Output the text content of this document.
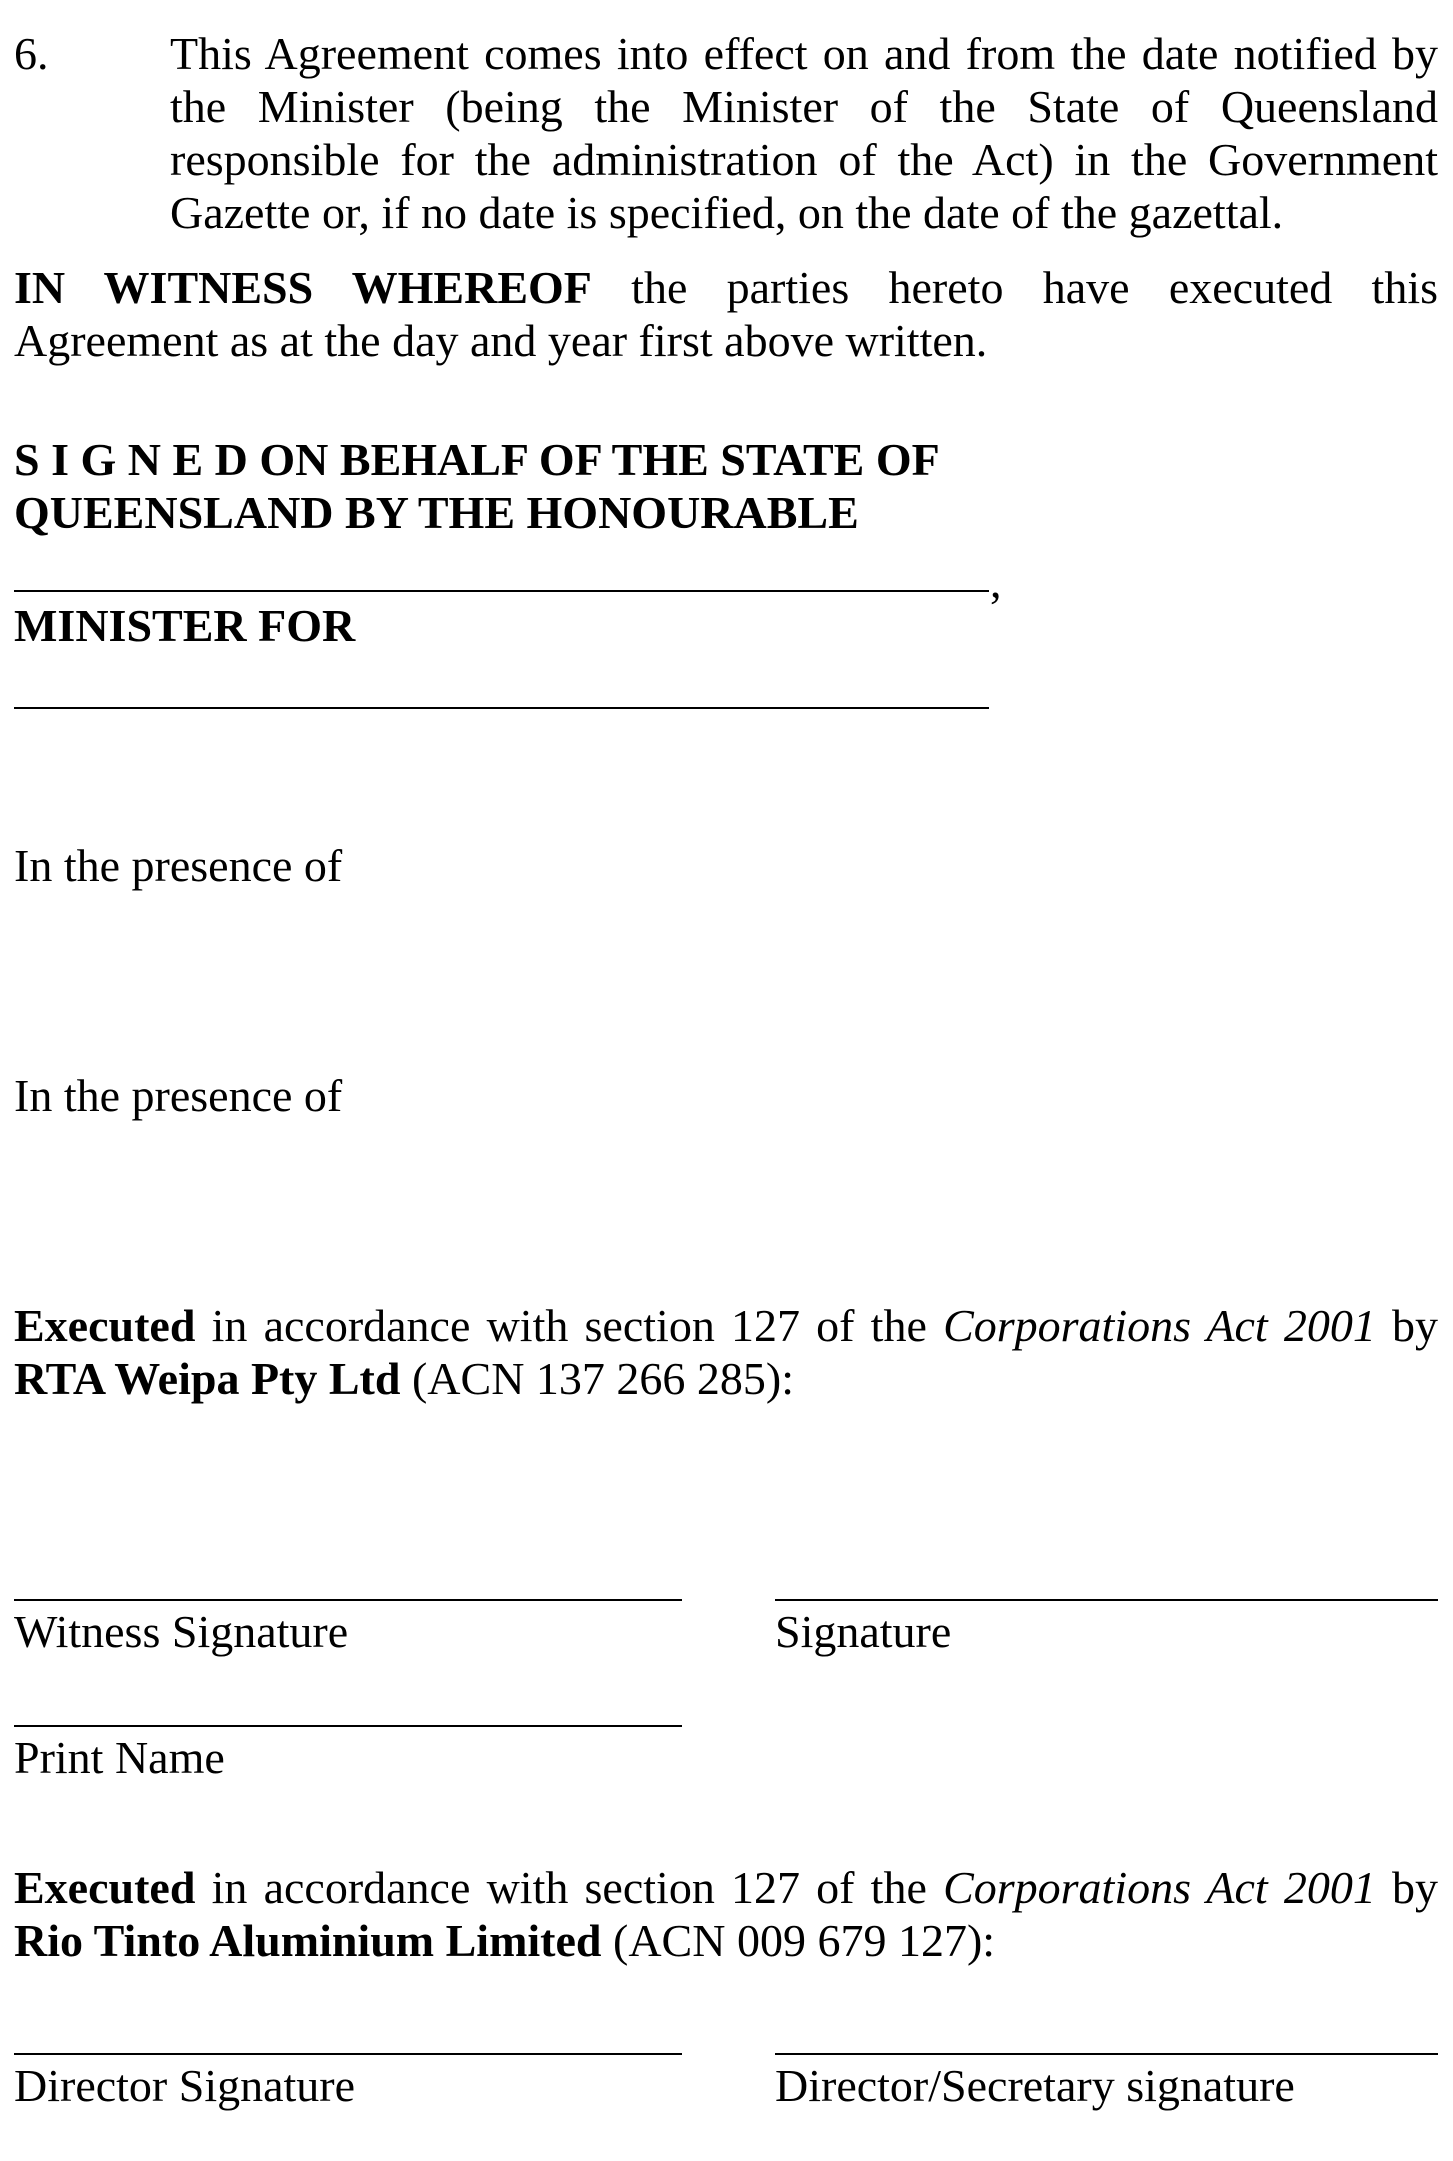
6.	This Agreement comes into effect on and from the date notified by
the Minister (being the Minister of the State of Queensland
responsible for the administration of the Act) in the Government
Gazette or, if no date is specified, on the date of the gazettal.
IN WITNESS WHEREOF the parties hereto have executed this
Agreement as at the day and year first above written.
S I G N E D ON BEHALF OF THE STATE OF
QUEENSLAND BY THE HONOURABLE
,
MINISTER FOR
In the presence of
In the presence of
Executed in accordance with section 127 of the Corporations Act 2001 by
RTA Weipa Pty Ltd (ACN 137 266 285):
Witness Signature	Signature
Print Name
Executed in accordance with section 127 of the Corporations Act 2001 by
Rio Tinto Aluminium Limited (ACN 009 679 127):
Director Signature	Director/Secretary signature
